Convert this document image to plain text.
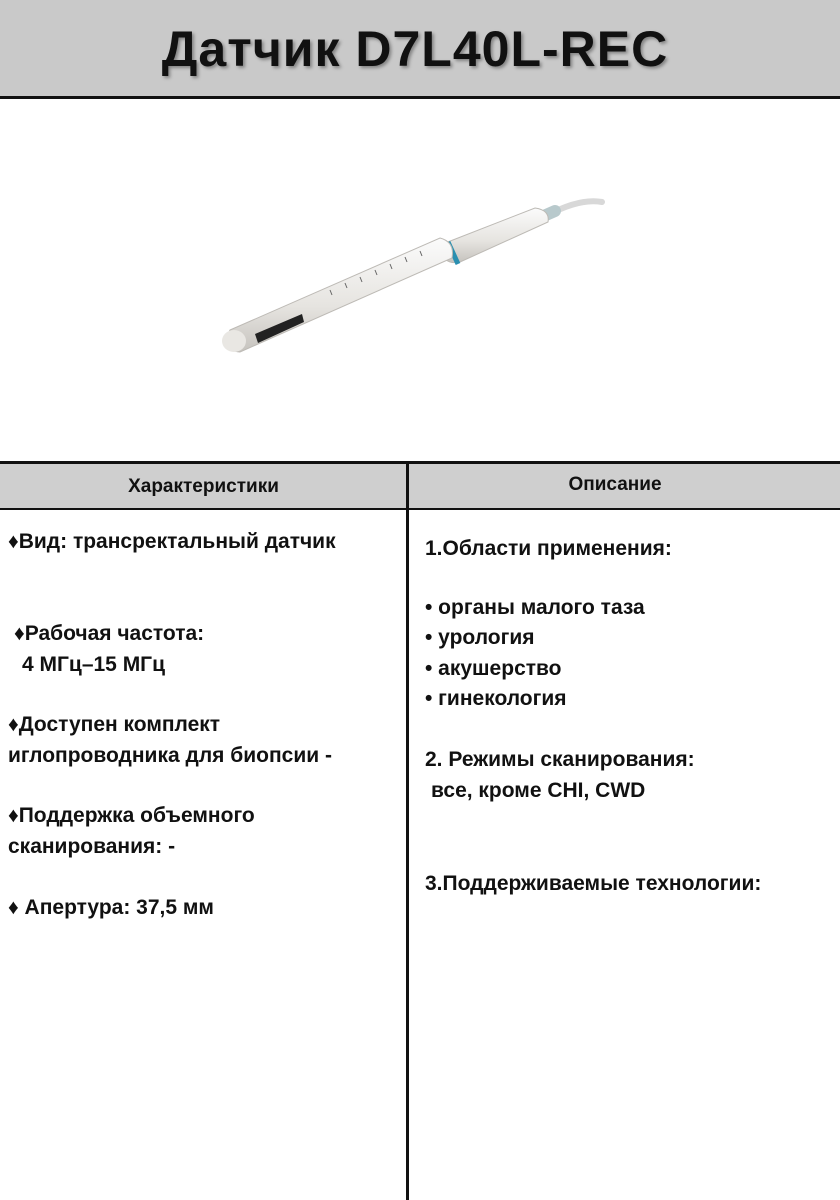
Датчик D7L40L-REC
Характеристики	Описание
♦Вид: трансректальный датчик
♦Рабочая частота:
4 МГц–15 МГц
♦Доступен комплект
иглопроводника для биопсии -
♦Поддержка объемного
сканирования: -
♦ Апертура: 37,5 мм
1.Области применения:
• органы малого таза
• урология
• акушерство
• гинекология
2. Режимы сканирования:
все, кроме CHI, CWD
3.Поддерживаемые технологии:
